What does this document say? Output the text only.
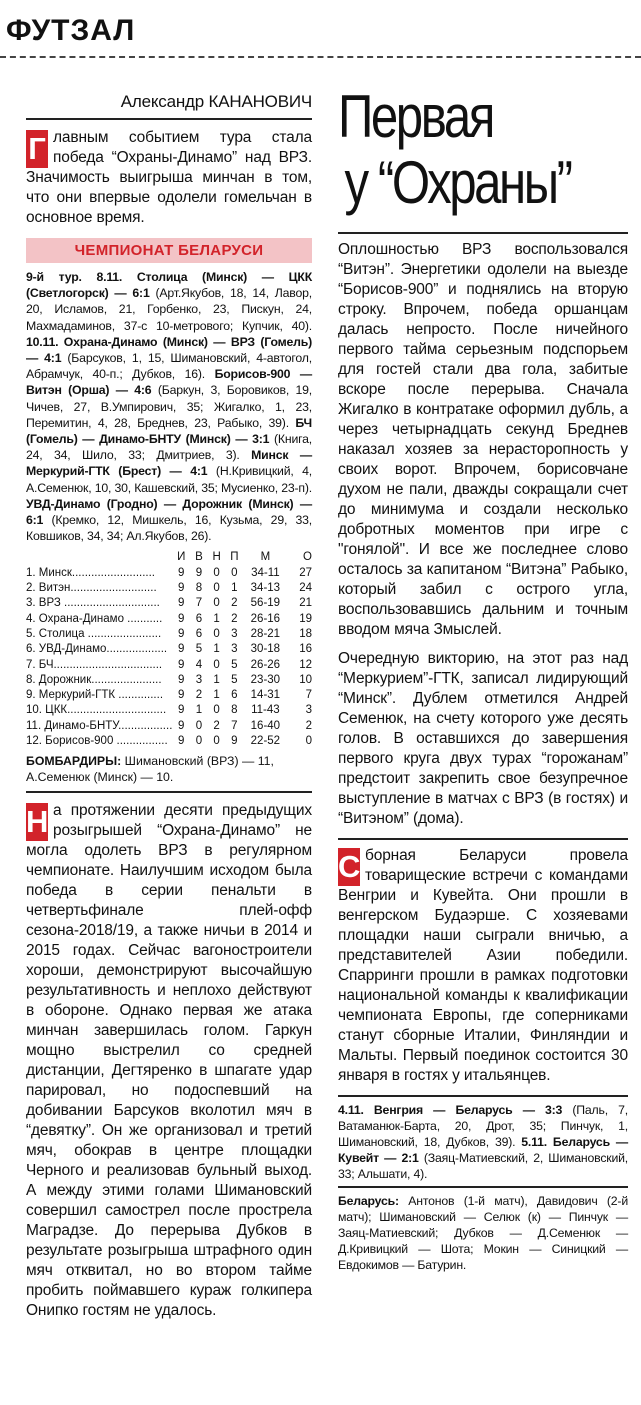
ФУТЗАЛ
Александр КАНАНОВИЧ

Г лавным событием тура стала победа “Охраны-Динамо” над ВРЗ. Значимость выигрыша минчан в том, что они впервые одолели гомельчан в основное время.

ЧЕМПИОНАТ БЕЛАРУСИ

9-й тур. 8.11. Столица (Минск) — ЦКК (Светлогорск) — 6:1 (Арт.Якубов, 18, 14, Лавор, 20, Исламов, 21, Горбенко, 23, Пискун, 24, Махмадаминов, 37-с 10-метрового; Купчик, 40). 10.11. Охрана-Динамо (Минск) — ВРЗ (Гомель) — 4:1 (Барсуков, 1, 15, Шимановский, 4-автогол, Абрамчук, 40-п.; Дубков, 16). Борисов-900 — Витэн (Орша) — 4:6 (Баркун, 3, Боровиков, 19, Чичев, 27, В.Умпирович, 35; Жигалко, 1, 23, Перемитин, 4, 28, Бреднев, 23, Рабыко, 39). БЧ (Гомель) — Динамо-БНТУ (Минск) — 3:1 (Книга, 24, 34, Шило, 33; Дмитриев, 3). Минск — Меркурий-ГТК (Брест) — 4:1 (Н.Кривицкий, 4, А.Семенюк, 10, 30, Кашевский, 35; Мусиенко, 23-п). УВД-Динамо (Гродно) — Дорожник (Минск) — 6:1 (Кремко, 12, Мишкель, 16, Кузьма, 29, 33, Ковшиков, 34, 34; Ал.Якубов, 26).

	И	В	Н	П	М	О
1. Минск..........................	9	9	0	0	34-11	27
2. Витэн...........................	9	8	0	1	34-13	24
3. ВРЗ ..............................	9	7	0	2	56-19	21
4. Охрана-Динамо ...........	9	6	1	2	26-16	19
5. Столица .......................	9	6	0	3	28-21	18
6. УВД-Динамо...................	9	5	1	3	30-18	16
7. БЧ..................................	9	4	0	5	26-26	12
8. Дорожник......................	9	3	1	5	23-30	10
9. Меркурий-ГТК ..............	9	2	1	6	14-31	7
10. ЦКК...............................	9	1	0	8	11-43	3
11. Динамо-БНТУ.................	9	0	2	7	16-40	2
12. Борисов-900 ................	9	0	0	9	22-52	0
БОМБАРДИРЫ: Шимановский (ВРЗ) — 11, А.Семенюк (Минск) — 10.

Н а протяжении десяти предыдущих розыгрышей “Охрана-Динамо” не могла одолеть ВРЗ в регулярном чемпионате. Наилучшим исходом была победа в серии пенальти в четвертьфинале плей-офф сезона-2018/19, а также ничьи в 2014 и 2015 годах. Сейчас вагоностроители хороши, демонстрируют высочайшую результативность и неплохо действуют в обороне. Однако первая же атака минчан завершилась голом. Гаркун мощно выстрелил со средней дистанции, Дегтяренко в шпагате удар парировал, но подоспевший на добивании Барсуков вколотил мяч в “девятку”. Он же организовал и третий мяч, обокрав в центре площадки Черного и реализовав бульный выход. А между этими голами Шимановский совершил самострел после прострела Маградзе. До перерыва Дубков в результате розыгрыша штрафного один мяч отквитал, но во втором тайме пробить поймавшего кураж голкипера Онипко гостям не удалось.

Первая
у “Охраны”

Оплошностью ВРЗ воспользовался “Витэн”. Энергетики одолели на выезде “Борисов-900” и поднялись на вторую строку. Впрочем, победа оршанцам далась непросто. После ничейного первого тайма серьезным подспорьем для гостей стали два гола, забитые вскоре после перерыва. Сначала Жигалко в контратаке оформил дубль, а через четырнадцать секунд Бреднев наказал хозяев за нерасторопность у своих ворот. Впрочем, борисовчане духом не пали, дважды сокращали счет до минимума и создали несколько добротных моментов при игре с "гонялой". И все же последнее слово осталось за капитаном “Витэна” Рабыко, который забил с острого угла, воспользовавшись дальним и точным вводом мяча Змыслей.

Очередную викторию, на этот раз над “Меркурием”-ГТК, записал лидирующий “Минск”. Дублем отметился Андрей Семенюк, на счету которого уже десять голов. В оставшихся до завершения первого круга двух турах “горожанам” предстоит закрепить свое безупречное выступление в матчах с ВРЗ (в гостях) и “Витэном” (дома).

С борная Беларуси провела товарищеские встречи с командами Венгрии и Кувейта. Они прошли в венгерском Будаэрше. С хозяевами площадки наши сыграли вничью, а представителей Азии победили. Спарринги прошли в рамках подготовки национальной команды к квалификации чемпионата Европы, где соперниками станут сборные Италии, Финляндии и Мальты. Первый поединок состоится 30 января в гостях у итальянцев.

4.11. Венгрия — Беларусь — 3:3 (Паль, 7, Ватаманюк-Барта, 20, Дрот, 35; Пинчук, 1, Шимановский, 18, Дубков, 39). 5.11. Беларусь — Кувейт — 2:1 (Заяц-Матиевский, 2, Шимановский, 33; Альшати, 4).

Беларусь: Антонов (1-й матч), Давидович (2-й матч); Шимановский — Селюк (к) — Пинчук — Заяц-Матиевский; Дубков — Д.Семенюк — Д.Кривицкий — Шота; Мокин — Синицкий — Евдокимов — Батурин.
